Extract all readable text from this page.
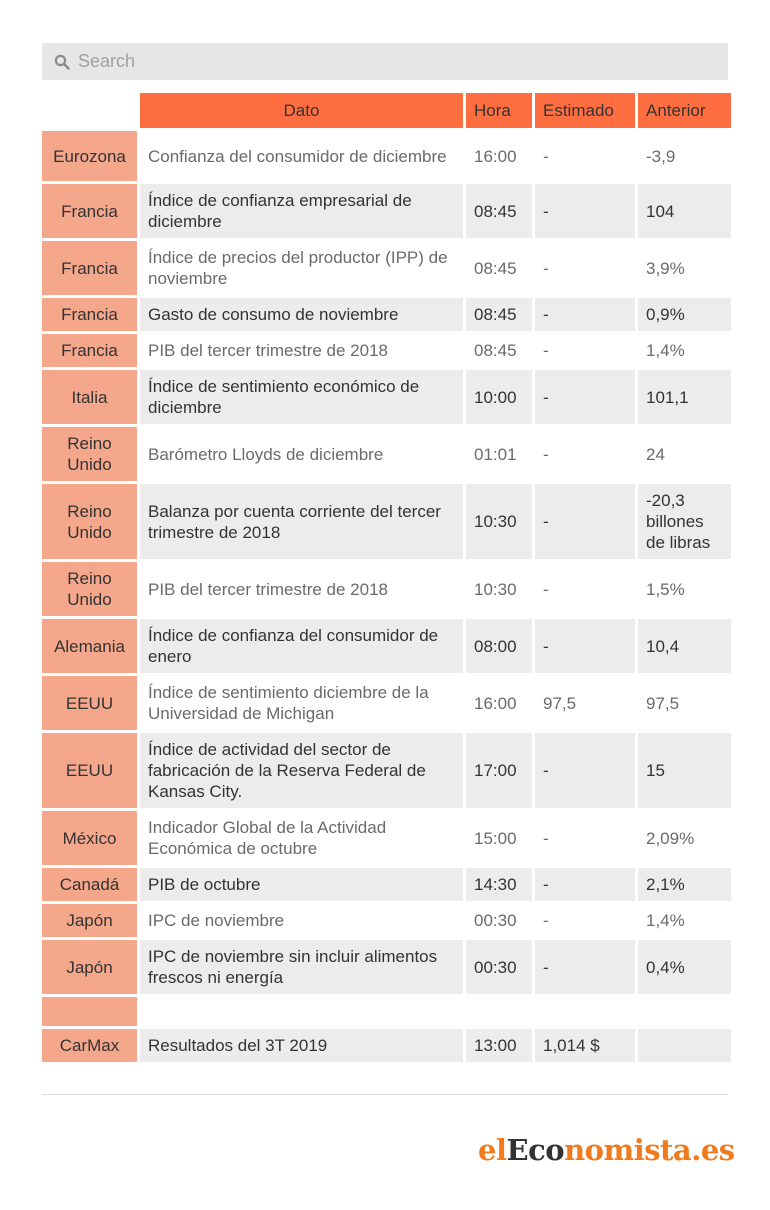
Search
	Dato	Hora	Estimado	Anterior
Eurozona	Confianza del consumidor de diciembre	16:00	-	-3,9
Francia	Índice de confianza empresarial de diciembre	08:45	-	104
Francia	Índice de precios del productor (IPP) de noviembre	08:45	-	3,9%
Francia	Gasto de consumo de noviembre	08:45	-	0,9%
Francia	PIB del tercer trimestre de 2018	08:45	-	1,4%
Italia	Índice de sentimiento económico de diciembre	10:00	-	101,1
Reino Unido	Barómetro Lloyds de diciembre	01:01	-	24
Reino Unido	Balanza por cuenta corriente del tercer trimestre de 2018	10:30	-	-20,3 billones de libras
Reino Unido	PIB del tercer trimestre de 2018	10:30	-	1,5%
Alemania	Índice de confianza del consumidor de enero	08:00	-	10,4
EEUU	Índice de sentimiento diciembre de la Universidad de Michigan	16:00	97,5	97,5
EEUU	Índice de actividad del sector de fabricación de la Reserva Federal de Kansas City.	17:00	-	15
México	Indicador Global de la Actividad Económica de octubre	15:00	-	2,09%
Canadá	PIB de octubre	14:30	-	2,1%
Japón	IPC de noviembre	00:30	-	1,4%
Japón	IPC de noviembre sin incluir alimentos frescos ni energía	00:30	-	0,4%

CarMax	Resultados del 3T 2019	13:00	1,014 $	
elEconomista.es
